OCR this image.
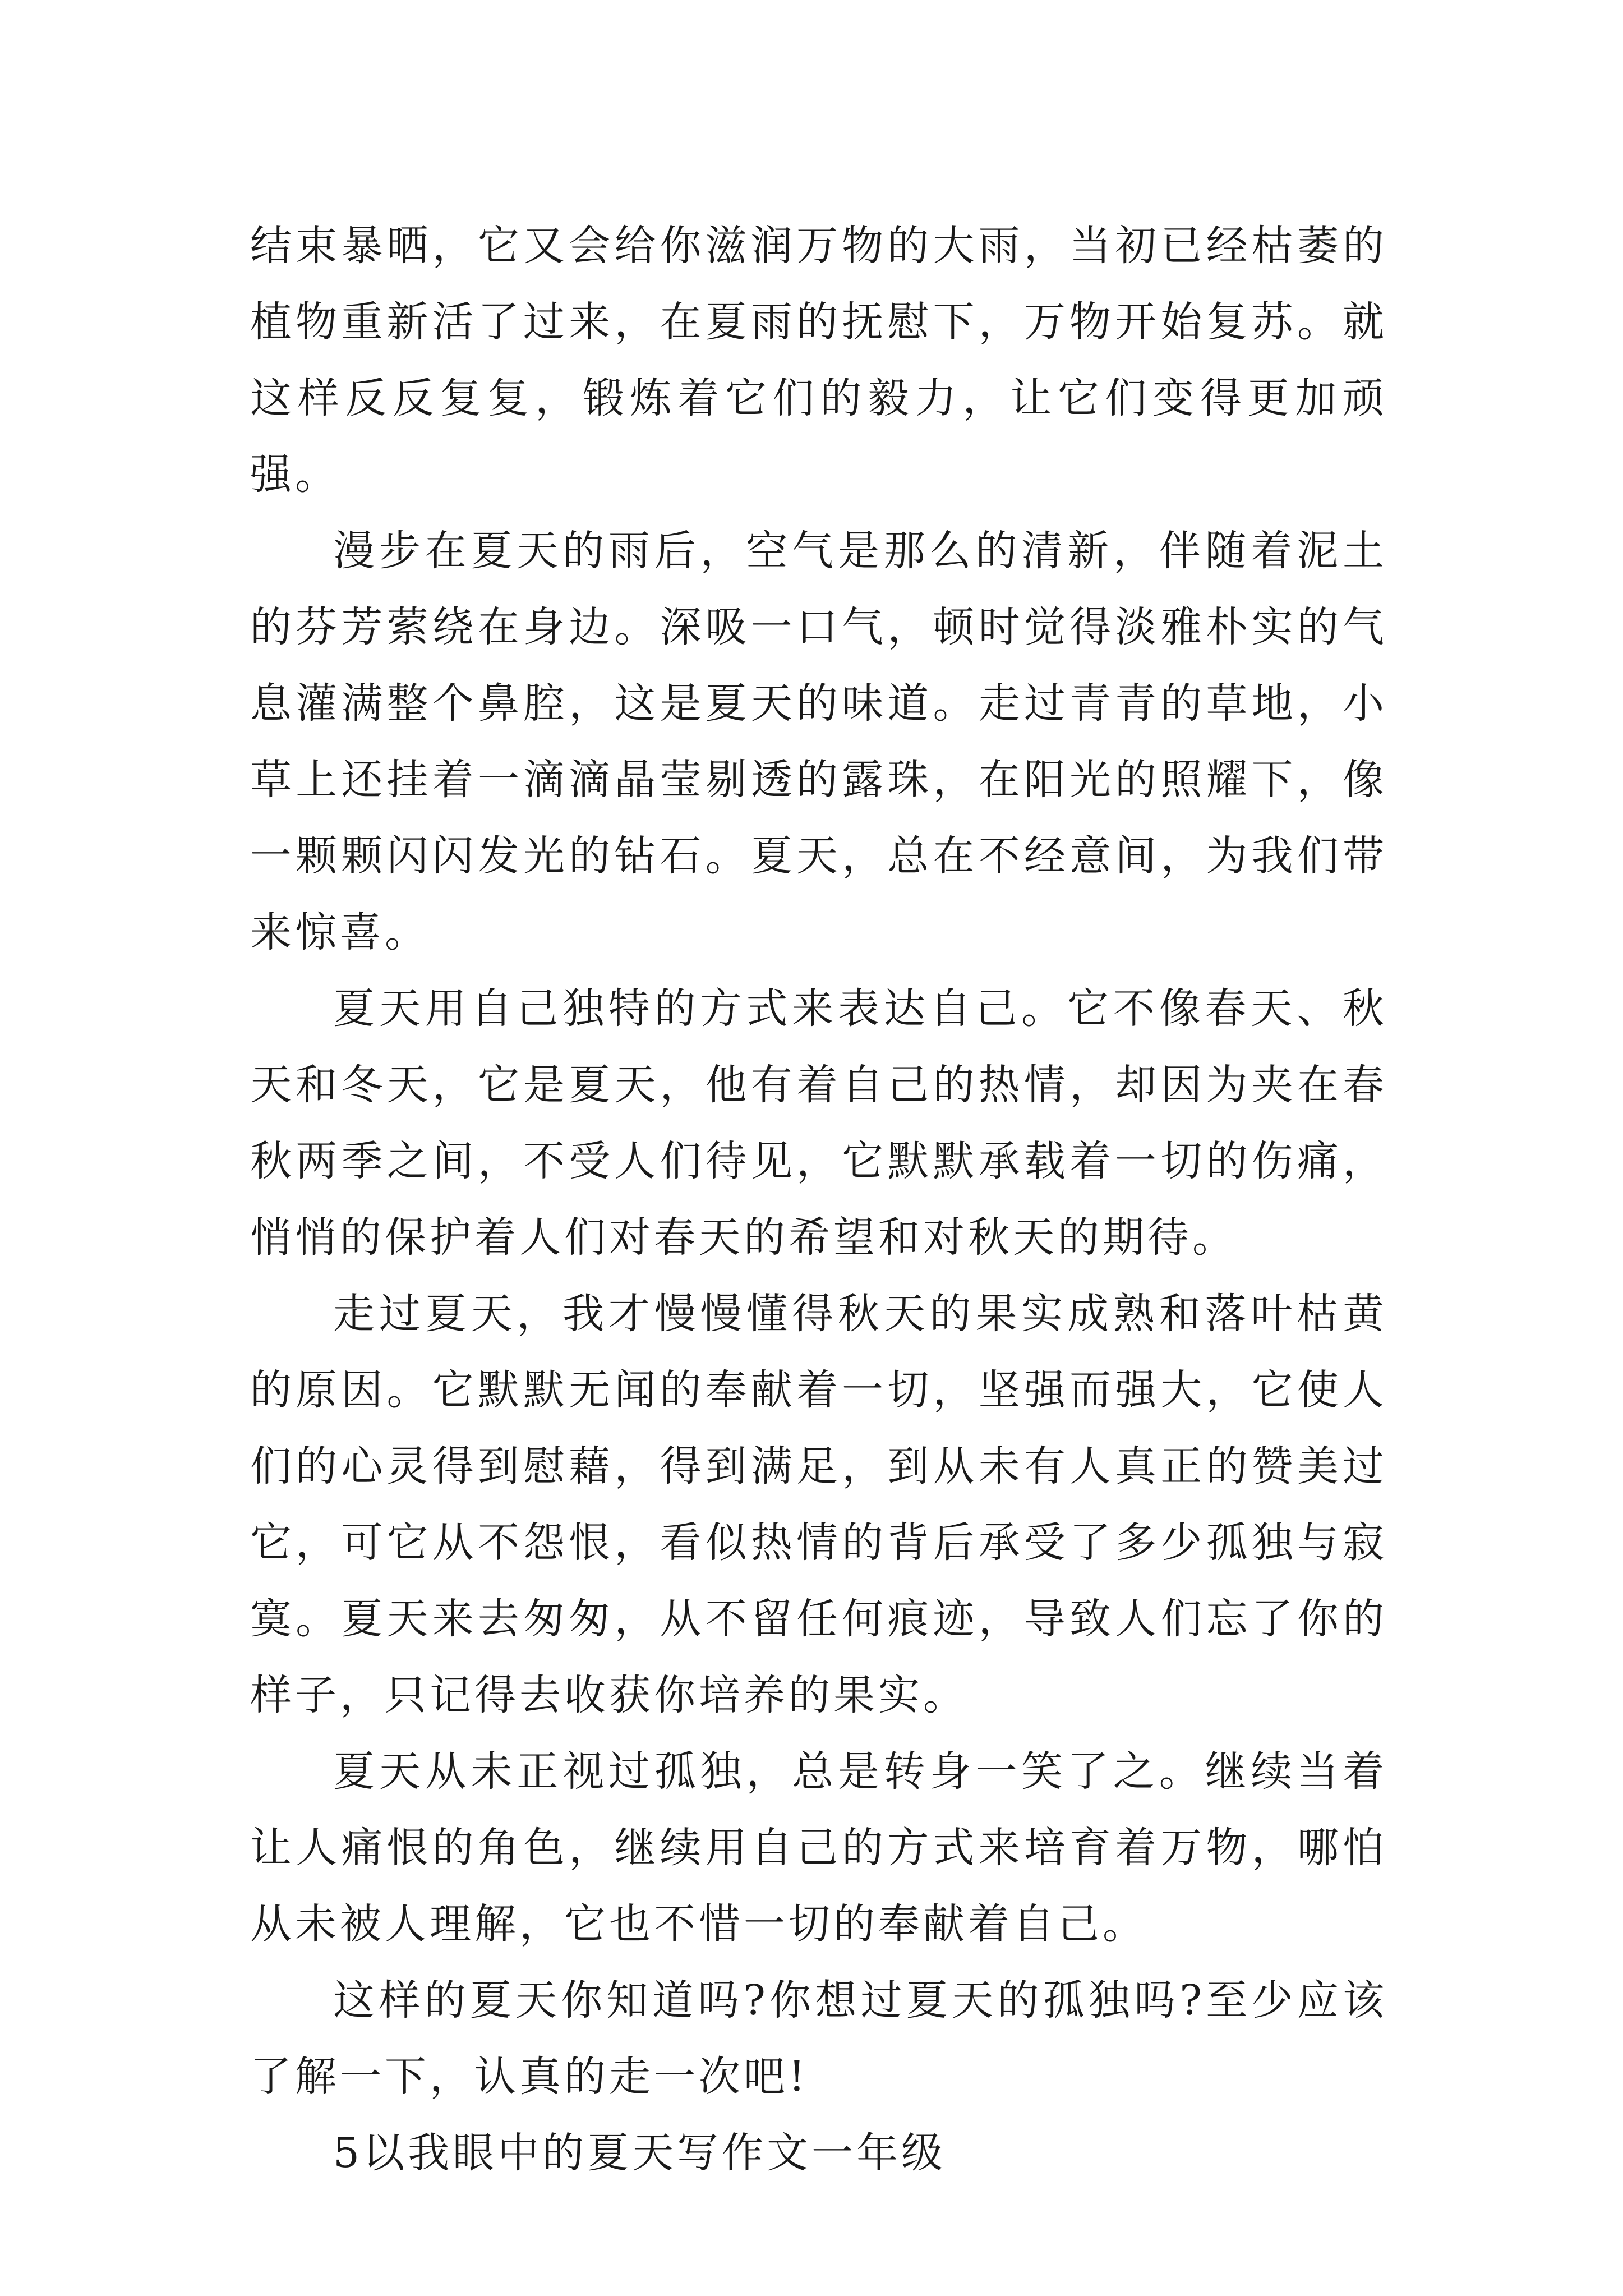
结束暴晒，它又会给你滋润万物的大雨，当初已经枯萎的植物重新活了过来，在夏雨的抚慰下，万物开始复苏。就这样反反复复，锻炼着它们的毅力，让它们变得更加顽强。

漫步在夏天的雨后，空气是那么的清新，伴随着泥土的芬芳萦绕在身边。深吸一口气，顿时觉得淡雅朴实的气息灌满整个鼻腔，这是夏天的味道。走过青青的草地，小草上还挂着一滴滴晶莹剔透的露珠，在阳光的照耀下，像一颗颗闪闪发光的钻石。夏天，总在不经意间，为我们带来惊喜。

夏天用自己独特的方式来表达自己。它不像春天、秋天和冬天，它是夏天，他有着自己的热情，却因为夹在春秋两季之间，不受人们待见，它默默承载着一切的伤痛，悄悄的保护着人们对春天的希望和对秋天的期待。

走过夏天，我才慢慢懂得秋天的果实成熟和落叶枯黄的原因。它默默无闻的奉献着一切，坚强而强大，它使人们的心灵得到慰藉，得到满足，到从未有人真正的赞美过它，可它从不怨恨，看似热情的背后承受了多少孤独与寂寞。夏天来去匆匆，从不留任何痕迹，导致人们忘了你的样子，只记得去收获你培养的果实。

夏天从未正视过孤独，总是转身一笑了之。继续当着让人痛恨的角色，继续用自己的方式来培育着万物，哪怕从未被人理解，它也不惜一切的奉献着自己。

这样的夏天你知道吗?你想过夏天的孤独吗?至少应该了解一下，认真的走一次吧!

5以我眼中的夏天写作文一年级
